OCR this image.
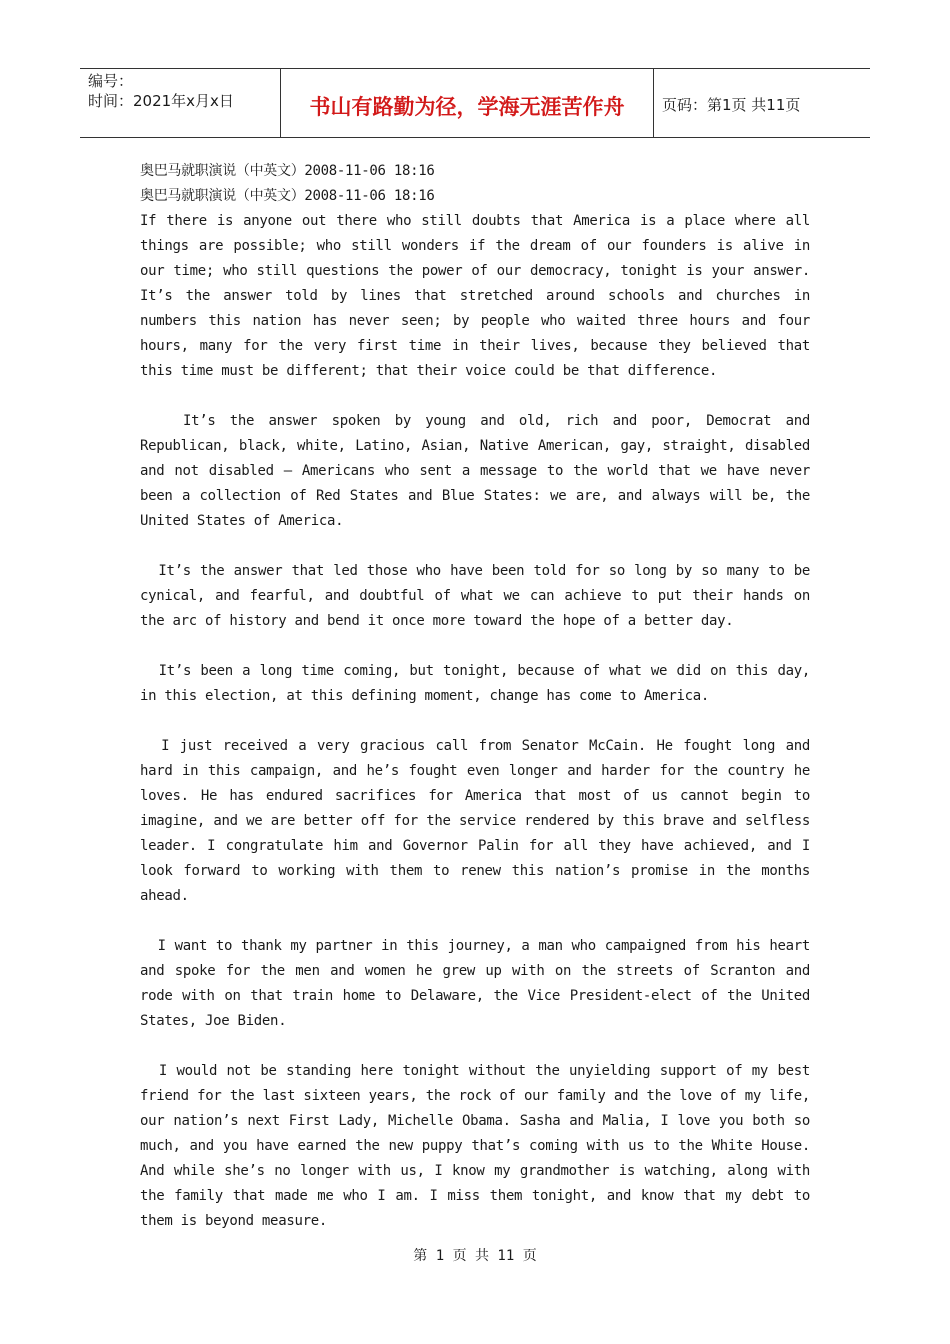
编号：
时间：2021年x月x日	书山有路勤为径，学海无涯苦作舟	页码：第1页 共11页
奥巴马就职演说（中英文）2008-11-06 18:16
奥巴马就职演说（中英文）2008-11-06 18:16
If there is anyone out there who still doubts that America is a place where all things are possible; who still wonders if the dream of our founders is alive in our time; who still questions the power of our democracy, tonight is your answer. It’s the answer told by lines that stretched around schools and churches in numbers this nation has never seen; by people who waited three hours and four hours, many for the very first time in their lives, because they believed that this time must be different; that their voice could be that difference.
It’s the answer spoken by young and old, rich and poor, Democrat and Republican, black, white, Latino, Asian, Native American, gay, straight, disabled and not disabled – Americans who sent a message to the world that we have never been a collection of Red States and Blue States: we are, and always will be, the United States of America.
It’s the answer that led those who have been told for so long by so many to be cynical, and fearful, and doubtful of what we can achieve to put their hands on the arc of history and bend it once more toward the hope of a better day.
It’s been a long time coming, but tonight, because of what we did on this day, in this election, at this defining moment, change has come to America.
I just received a very gracious call from Senator McCain. He fought long and hard in this campaign, and he’s fought even longer and harder for the country he loves. He has endured sacrifices for America that most of us cannot begin to imagine, and we are better off for the service rendered by this brave and selfless leader. I congratulate him and Governor Palin for all they have achieved, and I look forward to working with them to renew this nation’s promise in the months ahead.
I want to thank my partner in this journey, a man who campaigned from his heart and spoke for the men and women he grew up with on the streets of Scranton and rode with on that train home to Delaware, the Vice President-elect of the United States, Joe Biden.
I would not be standing here tonight without the unyielding support of my best friend for the last sixteen years, the rock of our family and the love of my life, our nation’s next First Lady, Michelle Obama. Sasha and Malia, I love you both so much, and you have earned the new puppy that’s coming with us to the White House. And while she’s no longer with us, I know my grandmother is watching, along with the family that made me who I am. I miss them tonight, and know that my debt to them is beyond measure.
第 1 页 共 11 页
